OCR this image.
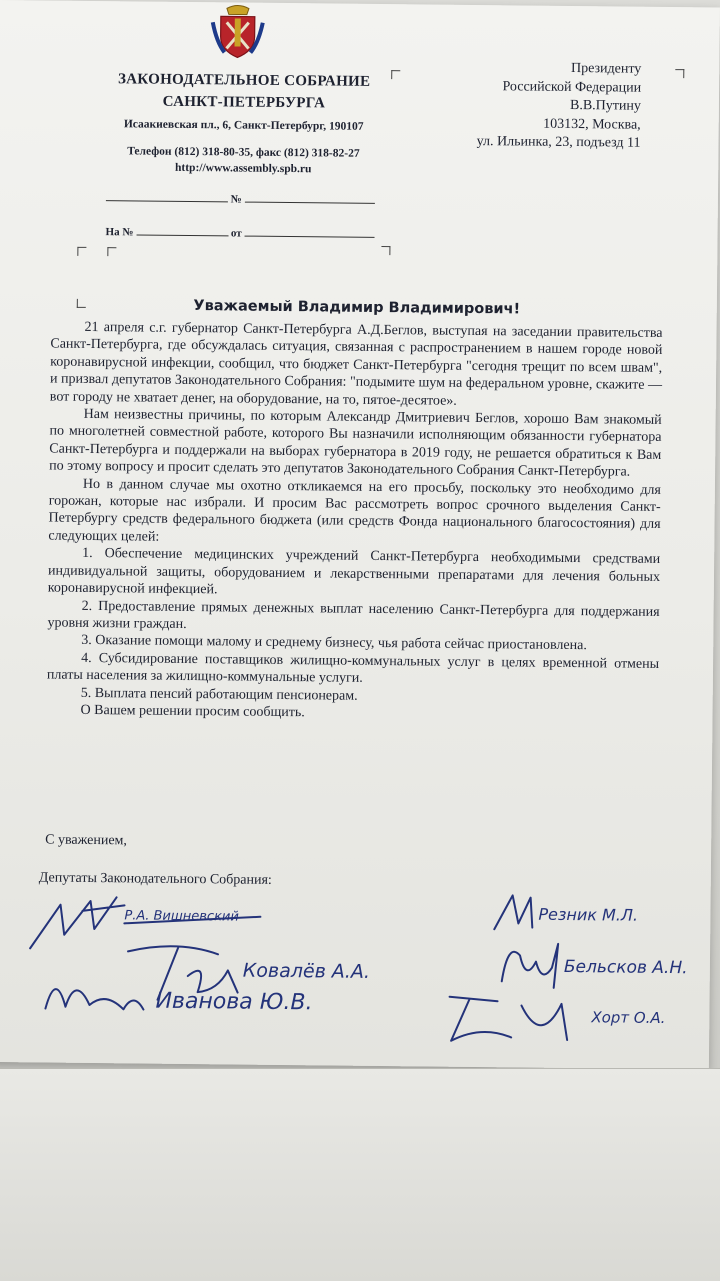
ЗАКОНОДАТЕЛЬНОЕ СОБРАНИЕ
САНКТ-ПЕТЕРБУРГА
Исаакиевская пл., 6, Санкт-Петербург, 190107
Телефон (812) 318-80-35, факс (812) 318-82-27
http://www.assembly.spb.ru
№
На №	от
Президенту
Российской Федерации
В.В.Путину
103132, Москва,
ул. Ильинка, 23, подъезд 11
Уважаемый Владимир Владимирович!

21 апреля с.г. губернатор Санкт-Петербурга А.Д.Беглов, выступая на заседании правительства Санкт-Петербурга, где обсуждалась ситуация, связанная с распространением в нашем городе новой коронавирусной инфекции, сообщил, что бюджет Санкт-Петербурга "сегодня трещит по всем швам", и призвал депутатов Законодательного Собрания: "подымите шум на федеральном уровне, скажите — вот городу не хватает денег, на оборудование, на то, пятое-десятое».

Нам неизвестны причины, по которым Александр Дмитриевич Беглов, хорошо Вам знакомый по многолетней совместной работе, которого Вы назначили исполняющим обязанности губернатора Санкт-Петербурга и поддержали на выборах губернатора в 2019 году, не решается обратиться к Вам по этому вопросу и просит сделать это депутатов Законодательного Собрания Санкт-Петербурга.

Но в данном случае мы охотно откликаемся на его просьбу, поскольку это необходимо для горожан, которые нас избрали. И просим Вас рассмотреть вопрос срочного выделения Санкт-Петербургу средств федерального бюджета (или средств Фонда национального благосостояния) для следующих целей:

1. Обеспечение медицинских учреждений Санкт-Петербурга необходимыми средствами индивидуальной защиты, оборудованием и лекарственными препаратами для лечения больных коронавирусной инфекцией.

2. Предоставление прямых денежных выплат населению Санкт-Петербурга для поддержания уровня жизни граждан.

3. Оказание помощи малому и среднему бизнесу, чья работа сейчас приостановлена.

4. Субсидирование поставщиков жилищно-коммунальных услуг в целях временной отмены платы населения за жилищно-коммунальные услуги.

5. Выплата пенсий работающим пенсионерам.

О Вашем решении просим сообщить.

С уважением,
Депутаты Законодательного Собрания:
Р.А. Вишневский
Ковалёв А.А.
Иванова Ю.В.
Резник М.Л.
Бельсков А.Н.
Хорт О.А.
